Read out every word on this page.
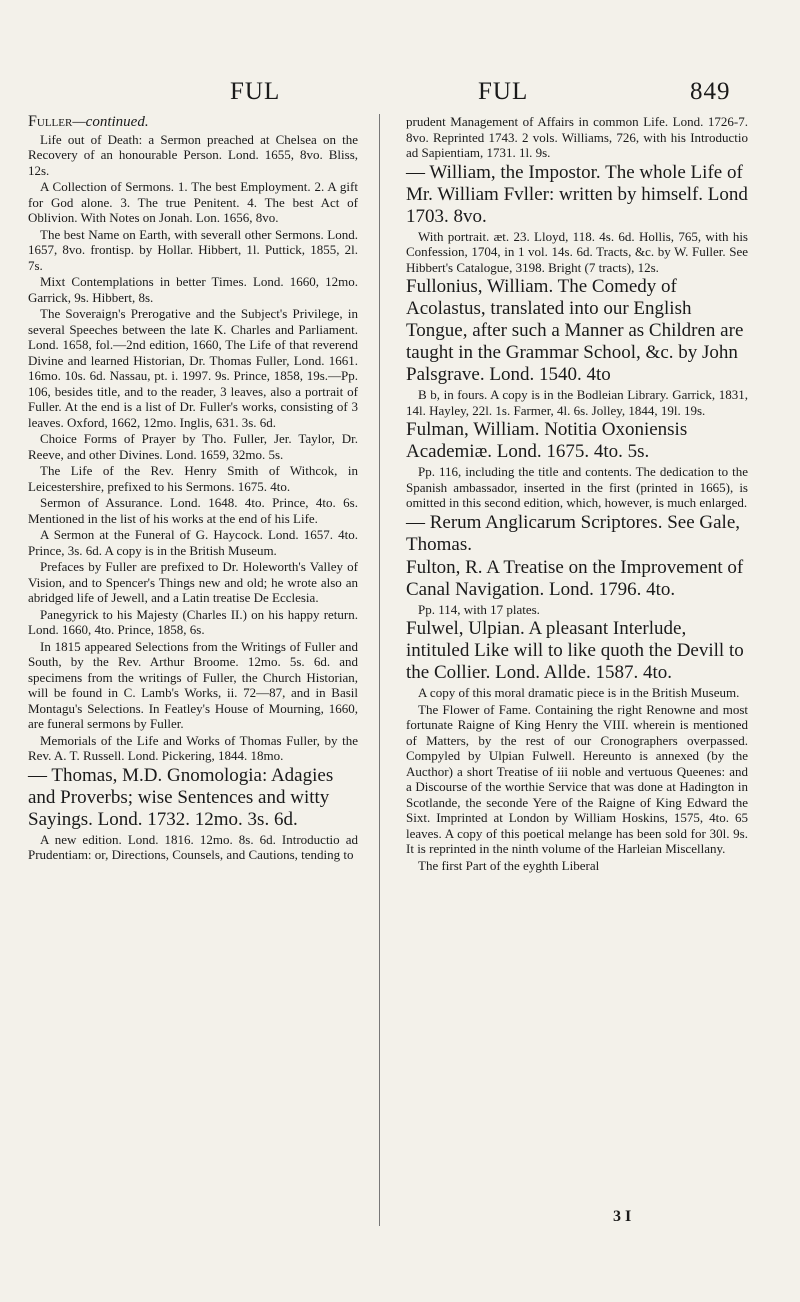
FUL	FUL	849

Fuller—continued.

Life out of Death: a Sermon preached at Chelsea on the Recovery of an honourable Person. Lond. 1655, 8vo. Bliss, 12s.

A Collection of Sermons. 1. The best Employment. 2. A gift for God alone. 3. The true Penitent. 4. The best Act of Oblivion. With Notes on Jonah. Lon. 1656, 8vo.

The best Name on Earth, with severall other Sermons. Lond. 1657, 8vo. frontisp. by Hollar. Hibbert, 1l. Puttick, 1855, 2l. 7s.

Mixt Contemplations in better Times. Lond. 1660, 12mo. Garrick, 9s. Hibbert, 8s.

The Soveraign's Prerogative and the Subject's Privilege, in several Speeches between the late K. Charles and Parliament. Lond. 1658, fol.—2nd edition, 1660, The Life of that reverend Divine and learned Historian, Dr. Thomas Fuller, Lond. 1661. 16mo. 10s. 6d. Nassau, pt. i. 1997. 9s. Prince, 1858, 19s.—Pp. 106, besides title, and to the reader, 3 leaves, also a portrait of Fuller. At the end is a list of Dr. Fuller's works, consisting of 3 leaves. Oxford, 1662, 12mo. Inglis, 631. 3s. 6d.

Choice Forms of Prayer by Tho. Fuller, Jer. Taylor, Dr. Reeve, and other Divines. Lond. 1659, 32mo. 5s.

The Life of the Rev. Henry Smith of Withcok, in Leicestershire, prefixed to his Sermons. 1675. 4to.

Sermon of Assurance. Lond. 1648. 4to. Prince, 4to. 6s. Mentioned in the list of his works at the end of his Life.

A Sermon at the Funeral of G. Haycock. Lond. 1657. 4to. Prince, 3s. 6d. A copy is in the British Museum.

Prefaces by Fuller are prefixed to Dr. Holeworth's Valley of Vision, and to Spencer's Things new and old; he wrote also an abridged life of Jewell, and a Latin treatise De Ecclesia.

Panegyrick to his Majesty (Charles II.) on his happy return. Lond. 1660, 4to. Prince, 1858, 6s.

In 1815 appeared Selections from the Writings of Fuller and South, by the Rev. Arthur Broome. 12mo. 5s. 6d. and specimens from the writings of Fuller, the Church Historian, will be found in C. Lamb's Works, ii. 72—87, and in Basil Montagu's Selections. In Featley's House of Mourning, 1660, are funeral sermons by Fuller.

Memorials of the Life and Works of Thomas Fuller, by the Rev. A. T. Russell. Lond. Pickering, 1844. 18mo.

— Thomas, M.D. Gnomologia: Adagies and Proverbs; wise Sentences and witty Sayings. Lond. 1732. 12mo. 3s. 6d.

A new edition. Lond. 1816. 12mo. 8s. 6d. Introductio ad Prudentiam: or, Directions, Counsels, and Cautions, tending to

prudent Management of Affairs in common Life. Lond. 1726-7. 8vo. Reprinted 1743. 2 vols. Williams, 726, with his Introductio ad Sapientiam, 1731. 1l. 9s.

— William, the Impostor. The whole Life of Mr. William Fvller: written by himself. Lond 1703. 8vo.

With portrait. æt. 23. Lloyd, 118. 4s. 6d. Hollis, 765, with his Confession, 1704, in 1 vol. 14s. 6d. Tracts, &c. by W. Fuller. See Hibbert's Catalogue, 3198. Bright (7 tracts), 12s.

Fullonius, William. The Comedy of Acolastus, translated into our English Tongue, after such a Manner as Children are taught in the Grammar School, &c. by John Palsgrave. Lond. 1540. 4to

B b, in fours. A copy is in the Bodleian Library. Garrick, 1831, 14l. Hayley, 22l. 1s. Farmer, 4l. 6s. Jolley, 1844, 19l. 19s.

Fulman, William. Notitia Oxoniensis Academiæ. Lond. 1675. 4to. 5s.

Pp. 116, including the title and contents. The dedication to the Spanish ambassador, inserted in the first (printed in 1665), is omitted in this second edition, which, however, is much enlarged.

— Rerum Anglicarum Scriptores. See Gale, Thomas.

Fulton, R. A Treatise on the Improvement of Canal Navigation. Lond. 1796. 4to.

Pp. 114, with 17 plates.

Fulwel, Ulpian. A pleasant Interlude, intituled Like will to like quoth the Devill to the Collier. Lond. Allde. 1587. 4to.

A copy of this moral dramatic piece is in the British Museum.

The Flower of Fame. Containing the right Renowne and most fortunate Raigne of King Henry the VIII. wherein is mentioned of Matters, by the rest of our Cronographers overpassed. Compyled by Ulpian Fulwell. Hereunto is annexed (by the Aucthor) a short Treatise of iii noble and vertuous Queenes: and a Discourse of the worthie Service that was done at Hadington in Scotlande, the seconde Yere of the Raigne of King Edward the Sixt. Imprinted at London by William Hoskins, 1575, 4to. 65 leaves. A copy of this poetical melange has been sold for 30l. 9s. It is reprinted in the ninth volume of the Harleian Miscellany.

The first Part of the eyghth Liberal

3 I
